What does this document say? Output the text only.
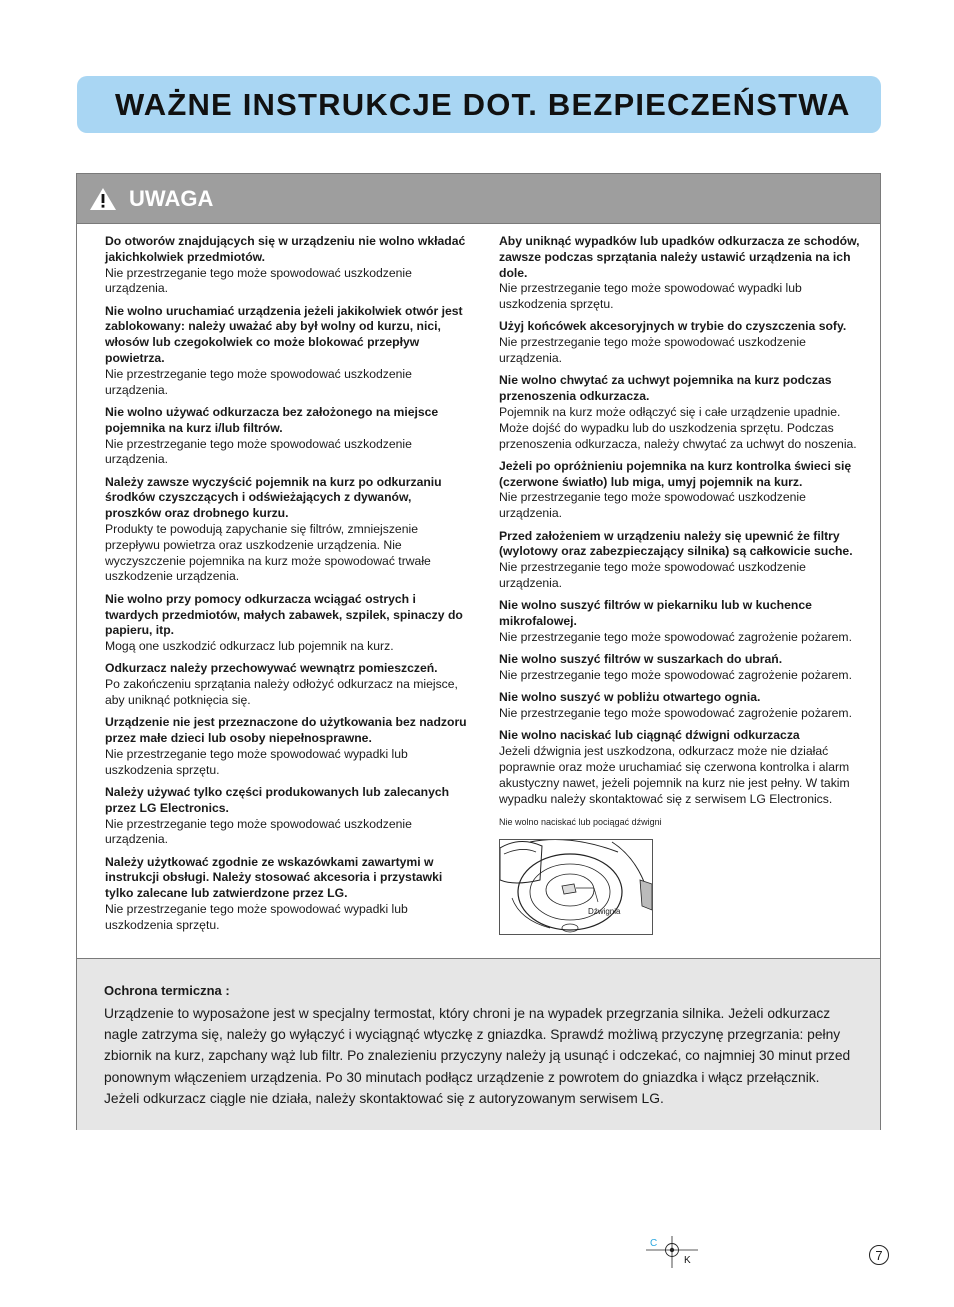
WAŻNE INSTRUKCJE DOT. BEZPIECZEŃSTWA
UWAGA
Do otworów znajdujących się w urządzeniu nie wolno wkładać jakichkolwiek przedmiotów.
Nie przestrzeganie tego może spowodować uszkodzenie urządzenia.
Nie wolno uruchamiać urządzenia jeżeli jakikolwiek otwór jest zablokowany: należy uważać aby był wolny od kurzu, nici, włosów lub czegokolwiek co może blokować przepływ powietrza.
Nie przestrzeganie tego może spowodować uszkodzenie urządzenia.
Nie wolno używać odkurzacza bez założonego na miejsce pojemnika na kurz i/lub filtrów.
Nie przestrzeganie tego może spowodować uszkodzenie urządzenia.
Należy zawsze wyczyścić pojemnik na kurz po odkurzaniu środków czyszczących i odświeżających z dywanów, proszków oraz drobnego kurzu.
Produkty te powodują zapychanie się filtrów, zmniejszenie przepływu powietrza oraz uszkodzenie urządzenia. Nie wyczyszczenie pojemnika na kurz może spowodować trwałe uszkodzenie urządzenia.
Nie wolno przy pomocy odkurzacza wciągać ostrych i twardych przedmiotów, małych zabawek, szpilek, spinaczy do papieru, itp.
Mogą one uszkodzić odkurzacz lub pojemnik na kurz.
Odkurzacz należy przechowywać wewnątrz pomieszczeń.
Po zakończeniu sprzątania należy odłożyć odkurzacz na miejsce, aby uniknąć potknięcia się.
Urządzenie nie jest przeznaczone do użytkowania bez nadzoru przez małe dzieci lub osoby niepełnosprawne.
Nie przestrzeganie tego może spowodować wypadki lub uszkodzenia sprzętu.
Należy używać tylko części produkowanych lub zalecanych przez LG Electronics.
Nie przestrzeganie tego może spowodować uszkodzenie urządzenia.
Należy użytkować zgodnie ze wskazówkami zawartymi w instrukcji obsługi. Należy stosować akcesoria i przystawki tylko zalecane lub zatwierdzone przez LG.
Nie przestrzeganie tego może spowodować wypadki lub uszkodzenia sprzętu.
Aby uniknąć wypadków lub upadków odkurzacza ze schodów, zawsze podczas sprzątania należy ustawić urządzenia na ich dole.
Nie przestrzeganie tego może spowodować wypadki lub uszkodzenia sprzętu.
Użyj końcówek akcesoryjnych w trybie do czyszczenia sofy.
Nie przestrzeganie tego może spowodować uszkodzenie urządzenia.
Nie wolno chwytać za uchwyt pojemnika na kurz podczas przenoszenia odkurzacza.
Pojemnik na kurz może odłączyć się i całe urządzenie upadnie. Może dojść do wypadku lub do uszkodzenia sprzętu. Podczas przenoszenia odkurzacza, należy chwytać za uchwyt do noszenia.
Jeżeli po opróżnieniu pojemnika na kurz kontrolka świeci się (czerwone światło) lub miga, umyj pojemnik na kurz.
Nie przestrzeganie tego może spowodować uszkodzenie urządzenia.
Przed założeniem w urządzeniu należy się upewnić że filtry (wylotowy oraz zabezpieczający silnika) są całkowicie suche.
Nie przestrzeganie tego może spowodować uszkodzenie urządzenia.
Nie wolno suszyć filtrów w piekarniku lub w kuchence mikrofalowej.
Nie przestrzeganie tego może spowodować zagrożenie pożarem.
Nie wolno suszyć filtrów w suszarkach do ubrań.
Nie przestrzeganie tego może spowodować zagrożenie pożarem.
Nie wolno suszyć w pobliżu otwartego ognia.
Nie przestrzeganie tego może spowodować zagrożenie pożarem.
Nie wolno naciskać lub ciągnąć dźwigni odkurzacza
Jeżeli dźwignia jest uszkodzona, odkurzacz może nie działać poprawnie oraz może uruchamiać się czerwona kontrolka i alarm akustyczny nawet, jeżeli pojemnik na kurz nie jest pełny. W takim wypadku należy skontaktować się z serwisem LG Electronics.
Nie wolno naciskać lub pociągać dźwigni
Dźwignia
Ochrona termiczna :
Urządzenie to wyposażone jest w specjalny termostat, który chroni je na wypadek przegrzania silnika. Jeżeli odkurzacz nagle zatrzyma się, należy go wyłączyć i wyciągnąć wtyczkę z gniazdka. Sprawdź możliwą przyczynę przegrzania: pełny zbiornik na kurz, zapchany wąż lub filtr. Po znalezieniu przyczyny należy ją usunąć i odczekać, co najmniej 30 minut przed ponownym włączeniem urządzenia. Po 30 minutach podłącz urządzenie z powrotem do gniazdka i włącz przełącznik. Jeżeli odkurzacz ciągle nie działa, należy skontaktować się z autoryzowanym serwisem LG.
C
K	7
